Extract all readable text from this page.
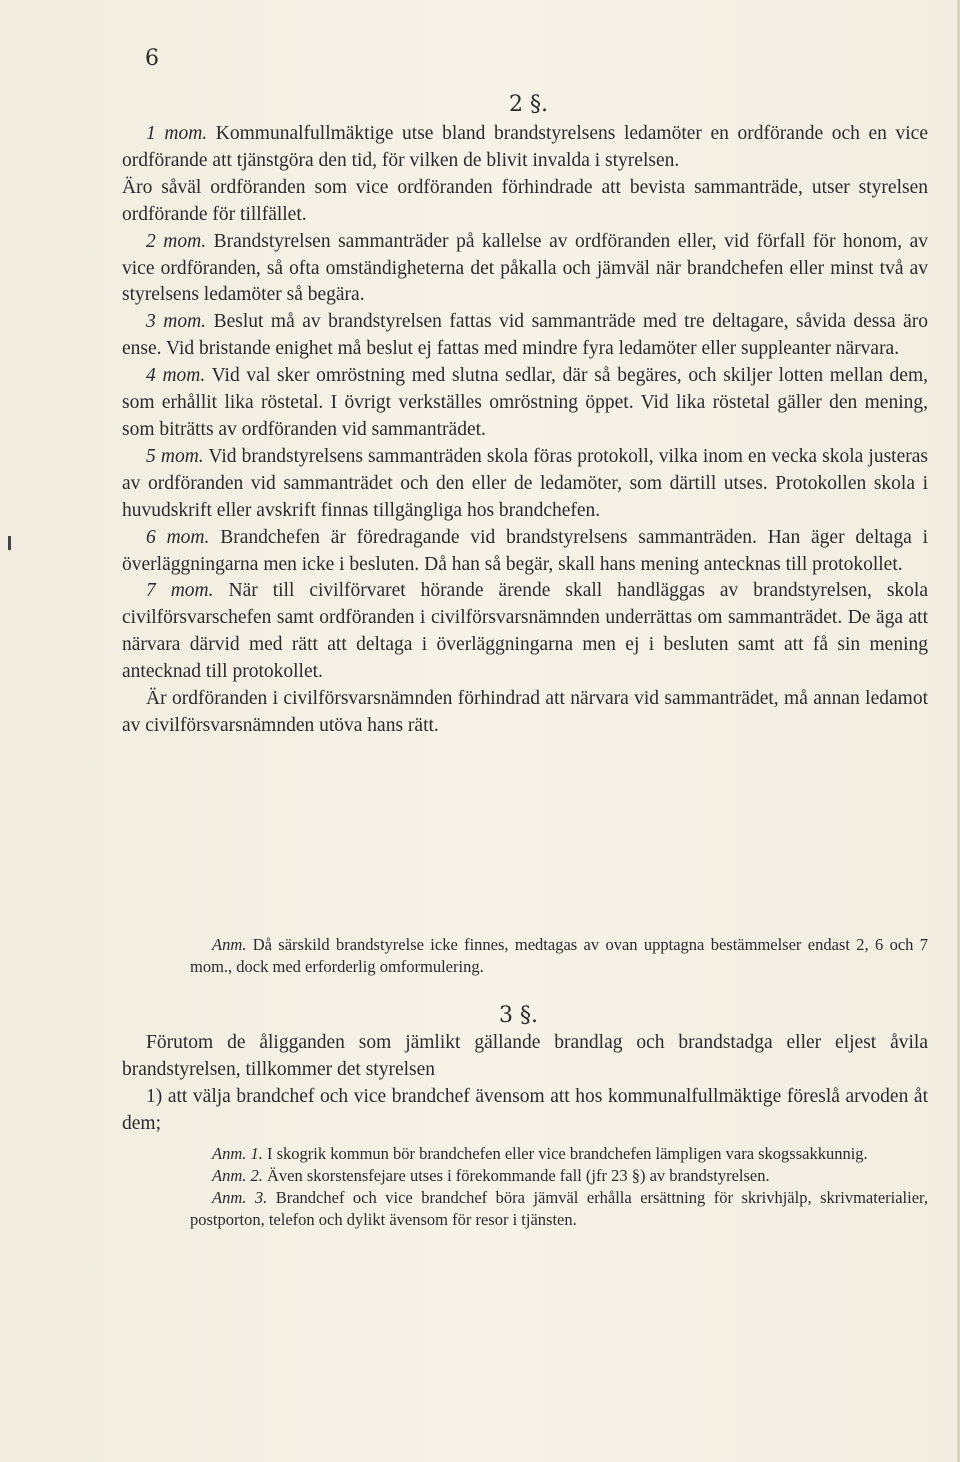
6
2 §.

1 mom. Kommunalfullmäktige utse bland brandstyrelsens ledamöter en ordförande och en vice ordförande att tjänstgöra den tid, för vilken de blivit invalda i styrelsen.

Äro såväl ordföranden som vice ordföranden förhindrade att bevista sammanträde, utser styrelsen ordförande för tillfället.

2 mom. Brandstyrelsen sammanträder på kallelse av ordföranden eller, vid förfall för honom, av vice ordföranden, så ofta omständigheterna det påkalla och jämväl när brandchefen eller minst två av styrelsens ledamöter så begära.

3 mom. Beslut må av brandstyrelsen fattas vid sammanträde med tre deltagare, såvida dessa äro ense. Vid bristande enighet må beslut ej fattas med mindre fyra ledamöter eller suppleanter närvara.

4 mom. Vid val sker omröstning med slutna sedlar, där så begäres, och skiljer lotten mellan dem, som erhållit lika röstetal. I övrigt verkställes omröstning öppet. Vid lika röstetal gäller den mening, som biträtts av ordföranden vid sammanträdet.

5 mom. Vid brandstyrelsens sammanträden skola föras protokoll, vilka inom en vecka skola justeras av ordföranden vid sammanträdet och den eller de ledamöter, som därtill utses. Protokollen skola i huvudskrift eller avskrift finnas tillgängliga hos brandchefen.

6 mom. Brandchefen är föredragande vid brandstyrelsens sammanträden. Han äger deltaga i överläggningarna men icke i besluten. Då han så begär, skall hans mening antecknas till protokollet.

7 mom. När till civilförvaret hörande ärende skall handläggas av brandstyrelsen, skola civilförsvarschefen samt ordföranden i civilförsvarsnämnden underrättas om sammanträdet. De äga att närvara därvid med rätt att deltaga i överläggningarna men ej i besluten samt att få sin mening antecknad till protokollet.

Är ordföranden i civilförsvarsnämnden förhindrad att närvara vid sammanträdet, må annan ledamot av civilförsvarsnämnden utöva hans rätt.

Anm. Då särskild brandstyrelse icke finnes, medtagas av ovan upptagna bestämmelser endast 2, 6 och 7 mom., dock med erforderlig omformulering.

3 §.

Förutom de åligganden som jämlikt gällande brandlag och brandstadga eller eljest åvila brandstyrelsen, tillkommer det styrelsen

1) att välja brandchef och vice brandchef ävensom att hos kommunalfullmäktige föreslå arvoden åt dem;

Anm. 1. I skogrik kommun bör brandchefen eller vice brandchefen lämpligen vara skogssakkunnig.

Anm. 2. Även skorstensfejare utses i förekommande fall (jfr 23 §) av brandstyrelsen.

Anm. 3. Brandchef och vice brandchef böra jämväl erhålla ersättning för skrivhjälp, skrivmaterialier, postporton, telefon och dylikt ävensom för resor i tjänsten.
